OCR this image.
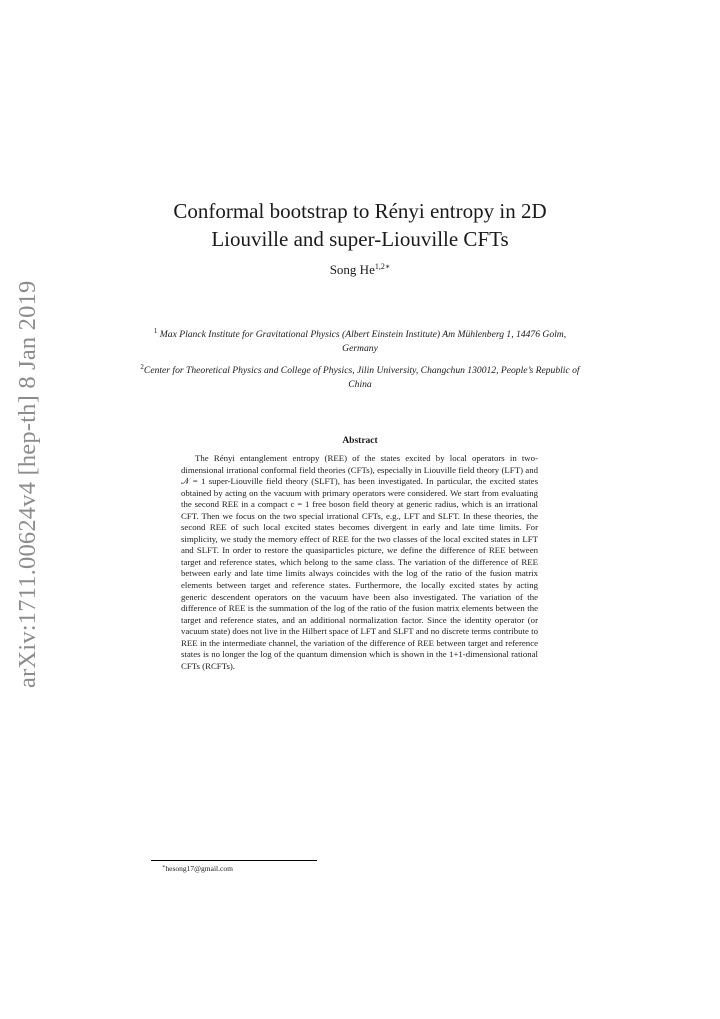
arXiv:1711.00624v4 [hep-th] 8 Jan 2019
Conformal bootstrap to Rényi entropy in 2D
Liouville and super-Liouville CFTs
Song $He^{1,2∗}$
$^1$ Max Planck Institute for Gravitational Physics (Albert Einstein Institute) Am Mühlenberg 1, 14476 Golm, Germany
$^2$Center for Theoretical Physics and College of Physics, Jilin University, Changchun 130012, People’s Republic of China
Abstract
The Rényi entanglement entropy (REE) of the states excited by local operators in two-dimensional irrational conformal field theories (CFTs), especially in Liouville field theory (LFT) and 𝒩 = 1 super-Liouville field theory (SLFT), has been investigated. In particular, the excited states obtained by acting on the vacuum with primary operators were considered. We start from evaluating the second REE in a compact c = 1 free boson field theory at generic radius, which is an irrational CFT. Then we focus on the two special irrational CFTs, e.g., LFT and SLFT. In these theories, the second REE of such local excited states becomes divergent in early and late time limits. For simplicity, we study the memory effect of REE for the two classes of the local excited states in LFT and SLFT. In order to restore the quasiparticles picture, we define the difference of REE between target and reference states, which belong to the same class. The variation of the difference of REE between early and late time limits always coincides with the log of the ratio of the fusion matrix elements between target and reference states. Furthermore, the locally excited states by acting generic descendent operators on the vacuum have been also investigated. The variation of the difference of REE is the summation of the log of the ratio of the fusion matrix elements between the target and reference states, and an additional normalization factor. Since the identity operator (or vacuum state) does not live in the Hilbert space of LFT and SLFT and no discrete terms contribute to REE in the intermediate channel, the variation of the difference of REE between target and reference states is no longer the log of the quantum dimension which is shown in the 1+1-dimensional rational CFTs (RCFTs).
∗hesong17@gmail.com
